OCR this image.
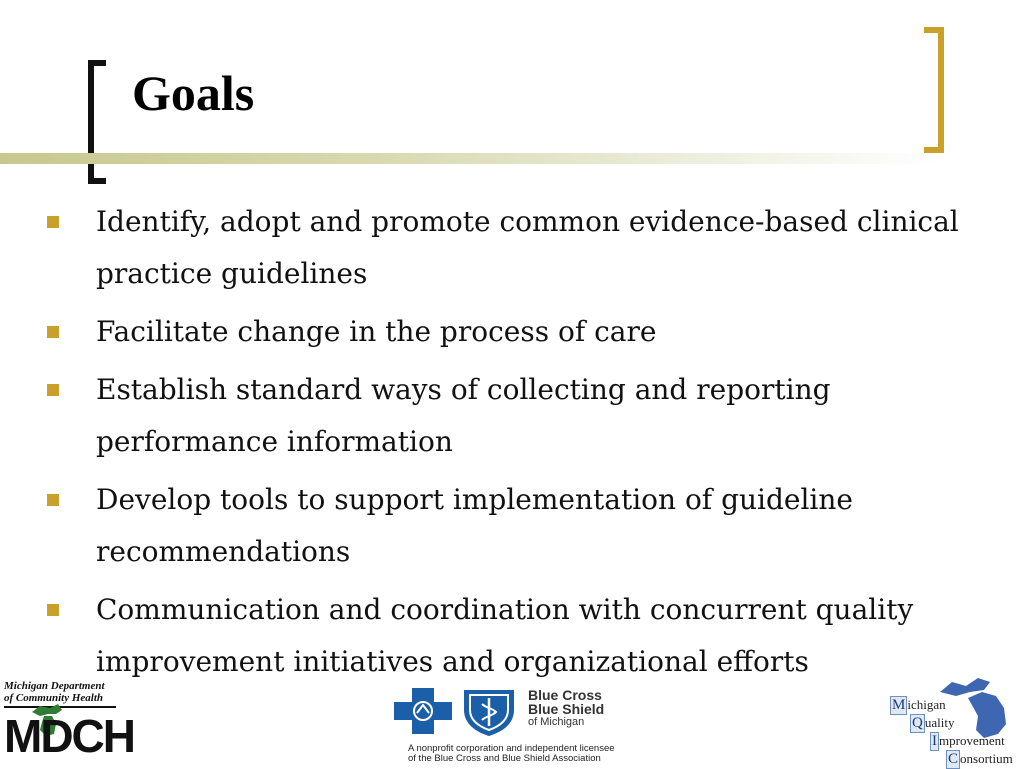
Goals
Identify, adopt and promote common evidence-based clinical practice guidelines
Facilitate change in the process of care
Establish standard ways of collecting and reporting performance information
Develop tools to support implementation of guideline recommendations
Communication and coordination with concurrent quality improvement initiatives and organizational efforts
Michigan Department
of Community Health
MDCH
Blue Cross
Blue Shield
of Michigan
A nonprofit corporation and independent licensee
of the Blue Cross and Blue Shield Association
M ichigan
Q uality
I mprovement
C onsortium
